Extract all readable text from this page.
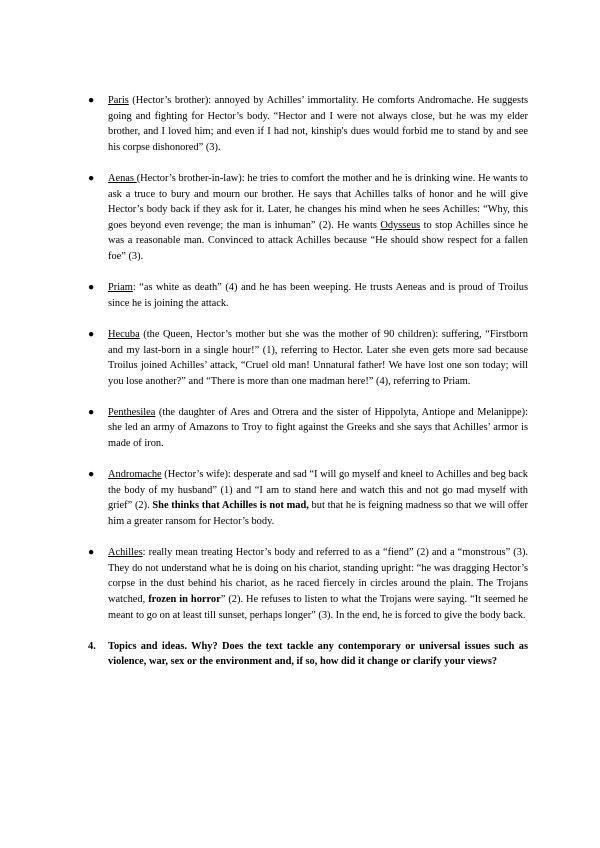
●	Paris (Hector’s brother): annoyed by Achilles’ immortality. He comforts Andromache. He suggests going and fighting for Hector’s body. “Hector and I were not always close, but he was my elder brother, and I loved him; and even if I had not, kinship's dues would forbid me to stand by and see his corpse dishonored” (3).
●	Aenas (Hector’s brother-in-law): he tries to comfort the mother and he is drinking wine. He wants to ask a truce to bury and mourn our brother. He says that Achilles talks of honor and he will give Hector’s body back if they ask for it. Later, he changes his mind when he sees Achilles: “Why, this goes beyond even revenge; the man is inhuman” (2). He wants Odysseus to stop Achilles since he was a reasonable man. Convinced to attack Achilles because “He should show respect for a fallen foe” (3).
●	Priam: “as white as death” (4) and he has been weeping. He trusts Aeneas and is proud of Troilus since he is joining the attack.
●	Hecuba (the Queen, Hector’s mother but she was the mother of 90 children): suffering, “Firstborn and my last-born in a single hour!” (1), referring to Hector. Later she even gets more sad because Troilus joined Achilles’ attack, “Cruel old man! Unnatural father! We have lost one son today; will you lose another?” and “There is more than one madman here!” (4), referring to Priam.
●	Penthesilea (the daughter of Ares and Otrera and the sister of Hippolyta, Antiope and Melanippe): she led an army of Amazons to Troy to fight against the Greeks and she says that Achilles’ armor is made of iron.
●	Andromache (Hector’s wife): desperate and sad “I will go myself and kneel to Achilles and beg back the body of my husband” (1) and “I am to stand here and watch this and not go mad myself with grief” (2). She thinks that Achilles is not mad, but that he is feigning madness so that we will offer him a greater ransom for Hector’s body.
●	Achilles: really mean treating Hector’s body and referred to as a “fiend” (2) and a “monstrous” (3). They do not understand what he is doing on his chariot, standing upright: “he was dragging Hector’s corpse in the dust behind his chariot, as he raced fiercely in circles around the plain. The Trojans watched, frozen in horror” (2). He refuses to listen to what the Trojans were saying. “It seemed he meant to go on at least till sunset, perhaps longer” (3). In the end, he is forced to give the body back.
4. Topics and ideas. Why? Does the text tackle any contemporary or universal issues such as violence, war, sex or the environment and, if so, how did it change or clarify your views?
